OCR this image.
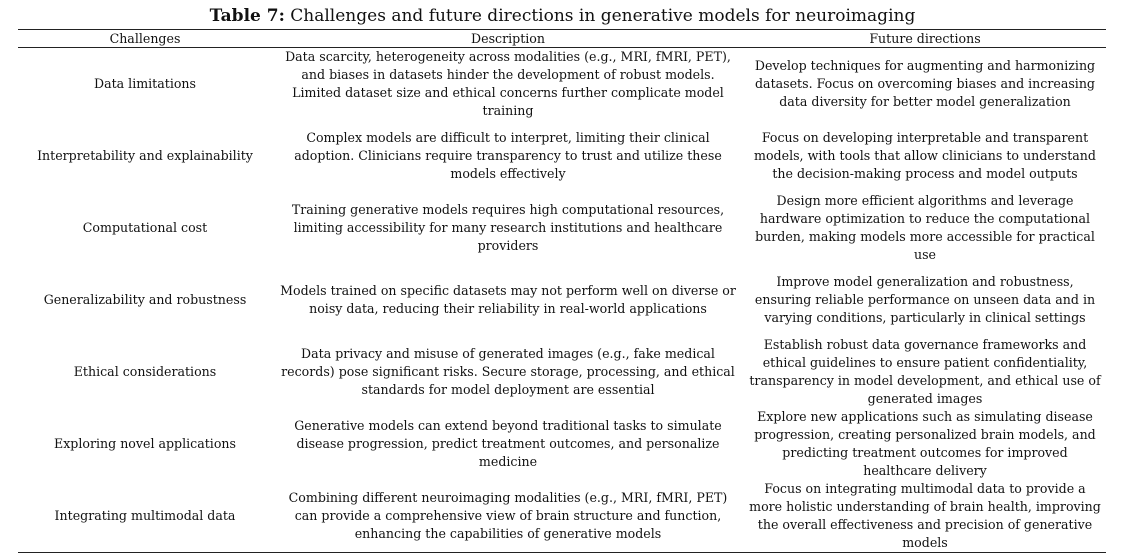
Table 7: Challenges and future directions in generative models for neuroimaging
Challenges	Description	Future directions
Data limitations	Data scarcity, heterogeneity across modalities (e.g., MRI, fMRI, PET), and biases in datasets hinder the development of robust models. Limited dataset size and ethical concerns further complicate model training	Develop techniques for augmenting and harmonizing datasets. Focus on overcoming biases and increasing data diversity for better model generalization
Interpretability and explainability	Complex models are difficult to interpret, limiting their clinical adoption. Clinicians require transparency to trust and utilize these models effectively	Focus on developing interpretable and transparent models, with tools that allow clinicians to understand the decision-making process and model outputs
Computational cost	Training generative models requires high computational resources, limiting accessibility for many research institutions and healthcare providers	Design more efficient algorithms and leverage hardware optimization to reduce the computational burden, making models more accessible for practical use
Generalizability and robustness	Models trained on specific datasets may not perform well on diverse or noisy data, reducing their reliability in real-world applications	Improve model generalization and robustness, ensuring reliable performance on unseen data and in varying conditions, particularly in clinical settings
Ethical considerations	Data privacy and misuse of generated images (e.g., fake medical records) pose significant risks. Secure storage, processing, and ethical standards for model deployment are essential	Establish robust data governance frameworks and ethical guidelines to ensure patient confidentiality, transparency in model development, and ethical use of generated images
Exploring novel applications	Generative models can extend beyond traditional tasks to simulate disease progression, predict treatment outcomes, and personalize medicine	Explore new applications such as simulating disease progression, creating personalized brain models, and predicting treatment outcomes for improved healthcare delivery
Integrating multimodal data	Combining different neuroimaging modalities (e.g., MRI, fMRI, PET) can provide a comprehensive view of brain structure and function, enhancing the capabilities of generative models	Focus on integrating multimodal data to provide a more holistic understanding of brain health, improving the overall effectiveness and precision of generative models
